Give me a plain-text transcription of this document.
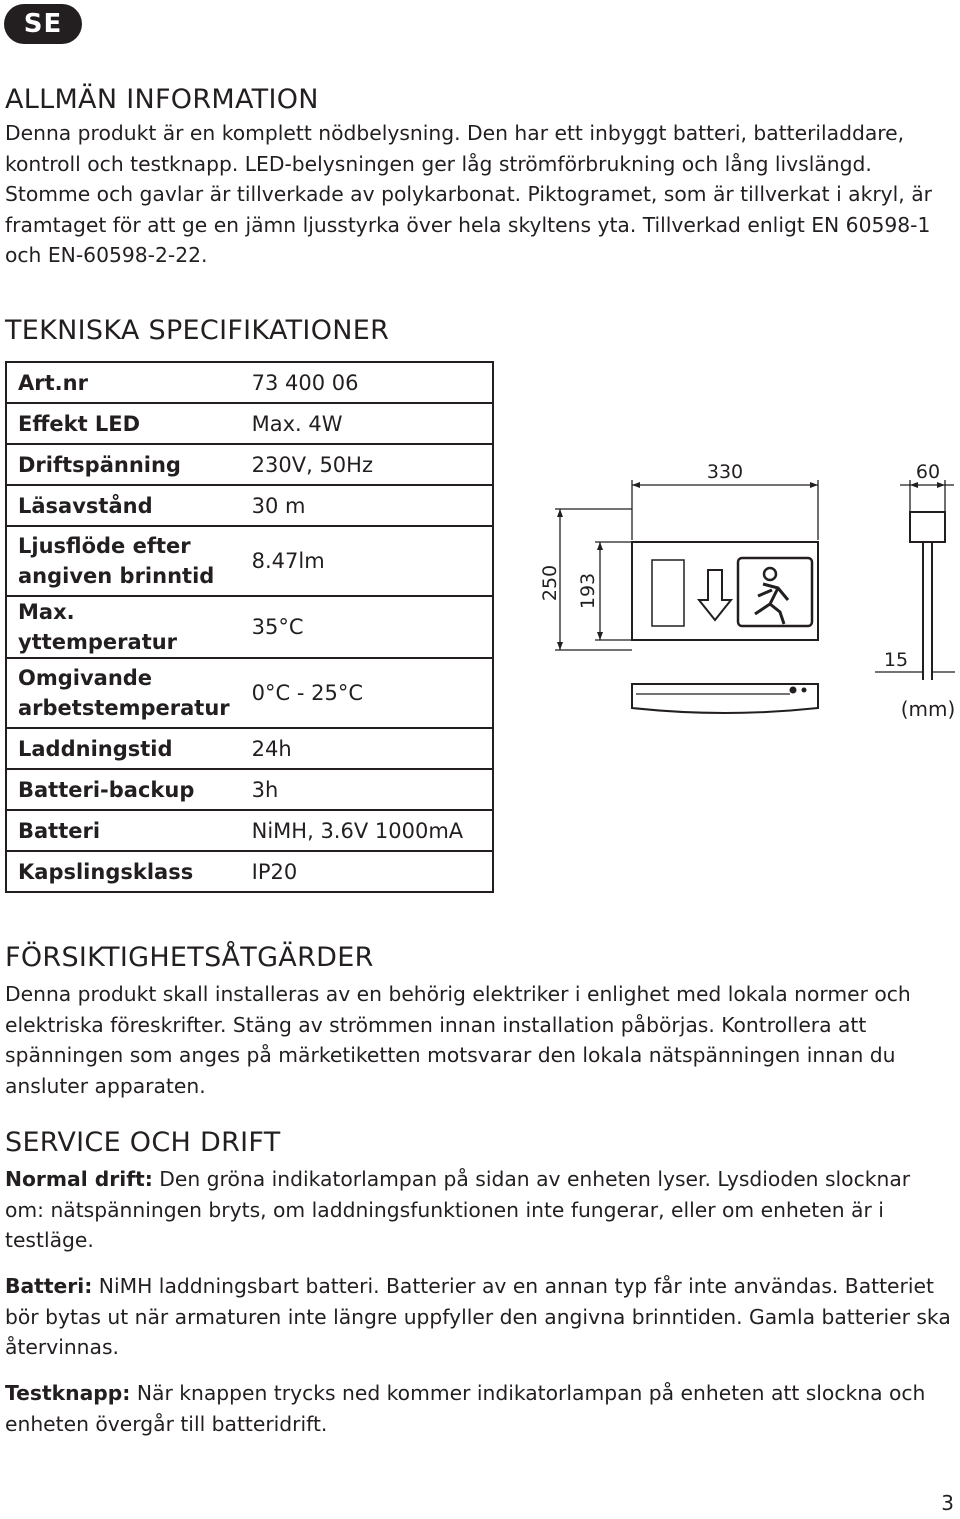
SE
ALLMÄN INFORMATION

Denna produkt är en komplett nödbelysning. Den har ett inbyggt batteri, batteriladdare, kontroll och testknapp. LED-belysningen ger låg strömförbrukning och lång livslängd. Stomme och gavlar är tillverkade av polykarbonat. Piktogramet, som är tillverkat i akryl, är framtaget för att ge en jämn ljusstyrka över hela skyltens yta. Tillverkad enligt EN 60598-1 och EN-60598-2-22.

TEKNISKA SPECIFIKATIONER
Art.nr	73 400 06
Effekt LED	Max. 4W
Driftspänning	230V, 50Hz
Läsavstånd	30 m
Ljusflöde efter angiven brinntid	8.47lm
Max. yttemperatur	35°C
Omgivande arbetstemperatur	0°C - 25°C
Laddningstid	24h
Batteri-backup	3h
Batteri	NiMH, 3.6V 1000mA
Kapslingsklass	IP20
330	60
250 193
15
(mm)
FÖRSIKTIGHETSÅTGÄRDER

Denna produkt skall installeras av en behörig elektriker i enlighet med lokala normer och elektriska föreskrifter. Stäng av strömmen innan installation påbörjas. Kontrollera att spänningen som anges på märketiketten motsvarar den lokala nätspänningen innan du ansluter apparaten.

SERVICE OCH DRIFT

Normal drift: Den gröna indikatorlampan på sidan av enheten lyser. Lysdioden slocknar om: nätspänningen bryts, om laddningsfunktionen inte fungerar, eller om enheten är i testläge.

Batteri: NiMH laddningsbart batteri. Batterier av en annan typ får inte användas. Batteriet bör bytas ut när armaturen inte längre uppfyller den angivna brinntiden. Gamla batterier ska återvinnas.

Testknapp: När knappen trycks ned kommer indikatorlampan på enheten att slockna och enheten övergår till batteridrift.

3
